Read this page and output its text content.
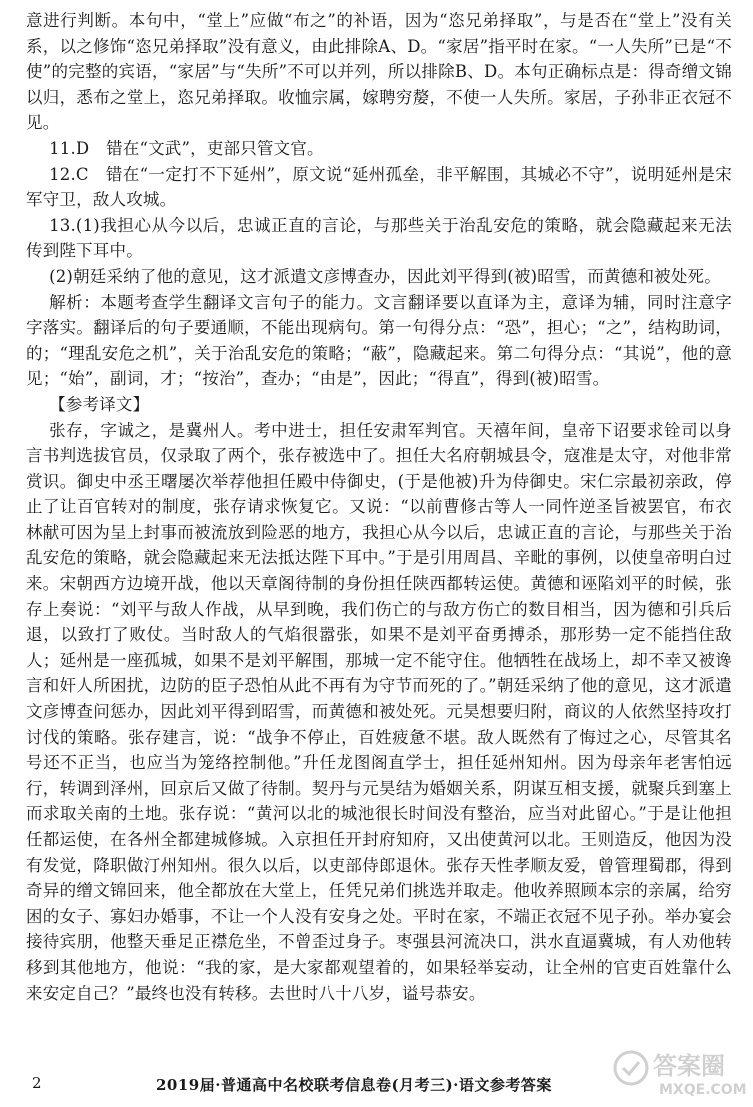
意进行判断。本句中，“堂上”应做“布之”的补语，因为“恣兄弟择取”，与是否在“堂上”没有关系，以之修饰“恣兄弟择取”没有意义，由此排除A、D。“家居”指平时在家。“一人失所”已是“不使”的完整的宾语，“家居”与“失所”不可以并列，所以排除B、D。本句正确标点是：得奇缯文锦以归，悉布之堂上，恣兄弟择取。收恤宗属，嫁聘穷嫠，不使一人失所。家居，子孙非正衣冠不见。

11.D　错在“文武”，吏部只管文官。

12.C　错在“一定打不下延州”，原文说“延州孤垒，非平解围，其城必不守”，说明延州是宋军守卫，敌人攻城。

13.(1)我担心从今以后，忠诚正直的言论，与那些关于治乱安危的策略，就会隐藏起来无法传到陛下耳中。

(2)朝廷采纳了他的意见，这才派遣文彦博查办，因此刘平得到(被)昭雪，而黄德和被处死。

解析：本题考查学生翻译文言句子的能力。文言翻译要以直译为主，意译为辅，同时注意字字落实。翻译后的句子要通顺，不能出现病句。第一句得分点：“恐”，担心；“之”，结构助词，的；“理乱安危之机”，关于治乱安危的策略；“蔽”，隐藏起来。第二句得分点：“其说”，他的意见；“始”，副词，才；“按治”，查办；“由是”，因此；“得直”，得到(被)昭雪。

【参考译文】

张存，字诚之，是冀州人。考中进士，担任安肃军判官。天禧年间，皇帝下诏要求铨司以身言书判选拔官员，仅录取了两个，张存被选中了。担任大名府朝城县令，寇准是太守，对他非常赏识。御史中丞王曙屡次举荐他担任殿中侍御史，(于是他被)升为侍御史。宋仁宗最初亲政，停止了让百官转对的制度，张存请求恢复它。又说：“以前曹修古等人一同忤逆圣旨被罢官，布衣林献可因为呈上封事而被流放到险恶的地方，我担心从今以后，忠诚正直的言论，与那些关于治乱安危的策略，就会隐藏起来无法抵达陛下耳中。”于是引用周昌、辛毗的事例，以使皇帝明白过来。宋朝西方边境开战，他以天章阁待制的身份担任陕西都转运使。黄德和诬陷刘平的时候，张存上奏说：“刘平与敌人作战，从早到晚，我们伤亡的与敌方伤亡的数目相当，因为德和引兵后退，以致打了败仗。当时敌人的气焰很嚣张，如果不是刘平奋勇搏杀，那形势一定不能挡住敌人；延州是一座孤城，如果不是刘平解围，那城一定不能守住。他牺牲在战场上，却不幸又被谗言和奸人所困扰，边防的臣子恐怕从此不再有为守节而死的了。”朝廷采纳了他的意见，这才派遣文彦博查问惩办，因此刘平得到昭雪，而黄德和被处死。元昊想要归附，商议的人依然坚持攻打讨伐的策略。张存建言，说：“战争不停止，百姓疲惫不堪。敌人既然有了悔过之心，尽管其名号还不正当，也应当为笼络控制他。”升任龙图阁直学士，担任延州知州。因为母亲年老害怕远行，转调到泽州，回京后又做了待制。契丹与元昊结为婚姻关系，阴谋互相支援，就聚兵到塞上而求取关南的土地。张存说：“黄河以北的城池很长时间没有整治，应当对此留心。”于是让他担任都运使，在各州全都建城修城。入京担任开封府知府，又出使黄河以北。王则造反，他因为没有发觉，降职做汀州知州。很久以后，以吏部侍郎退休。张存天性孝顺友爱，曾管理蜀郡，得到奇异的缯文锦回来，他全都放在大堂上，任凭兄弟们挑选并取走。他收养照顾本宗的亲属，给穷困的女子、寡妇办婚事，不让一个人没有安身之处。平时在家，不端正衣冠不见子孙。举办宴会接待宾朋，他整天垂足正襟危坐，不曾歪过身子。枣强县河流决口，洪水直逼冀城，有人劝他转移到其他地方，他说：“我的家，是大家都观望着的，如果轻举妄动，让全州的官吏百姓靠什么来安定自己？”最终也没有转移。去世时八十八岁，谥号恭安。

2	2019届·普通高中名校联考信息卷(月考三)·语文参考答案
答案圈
MXQE.COM
